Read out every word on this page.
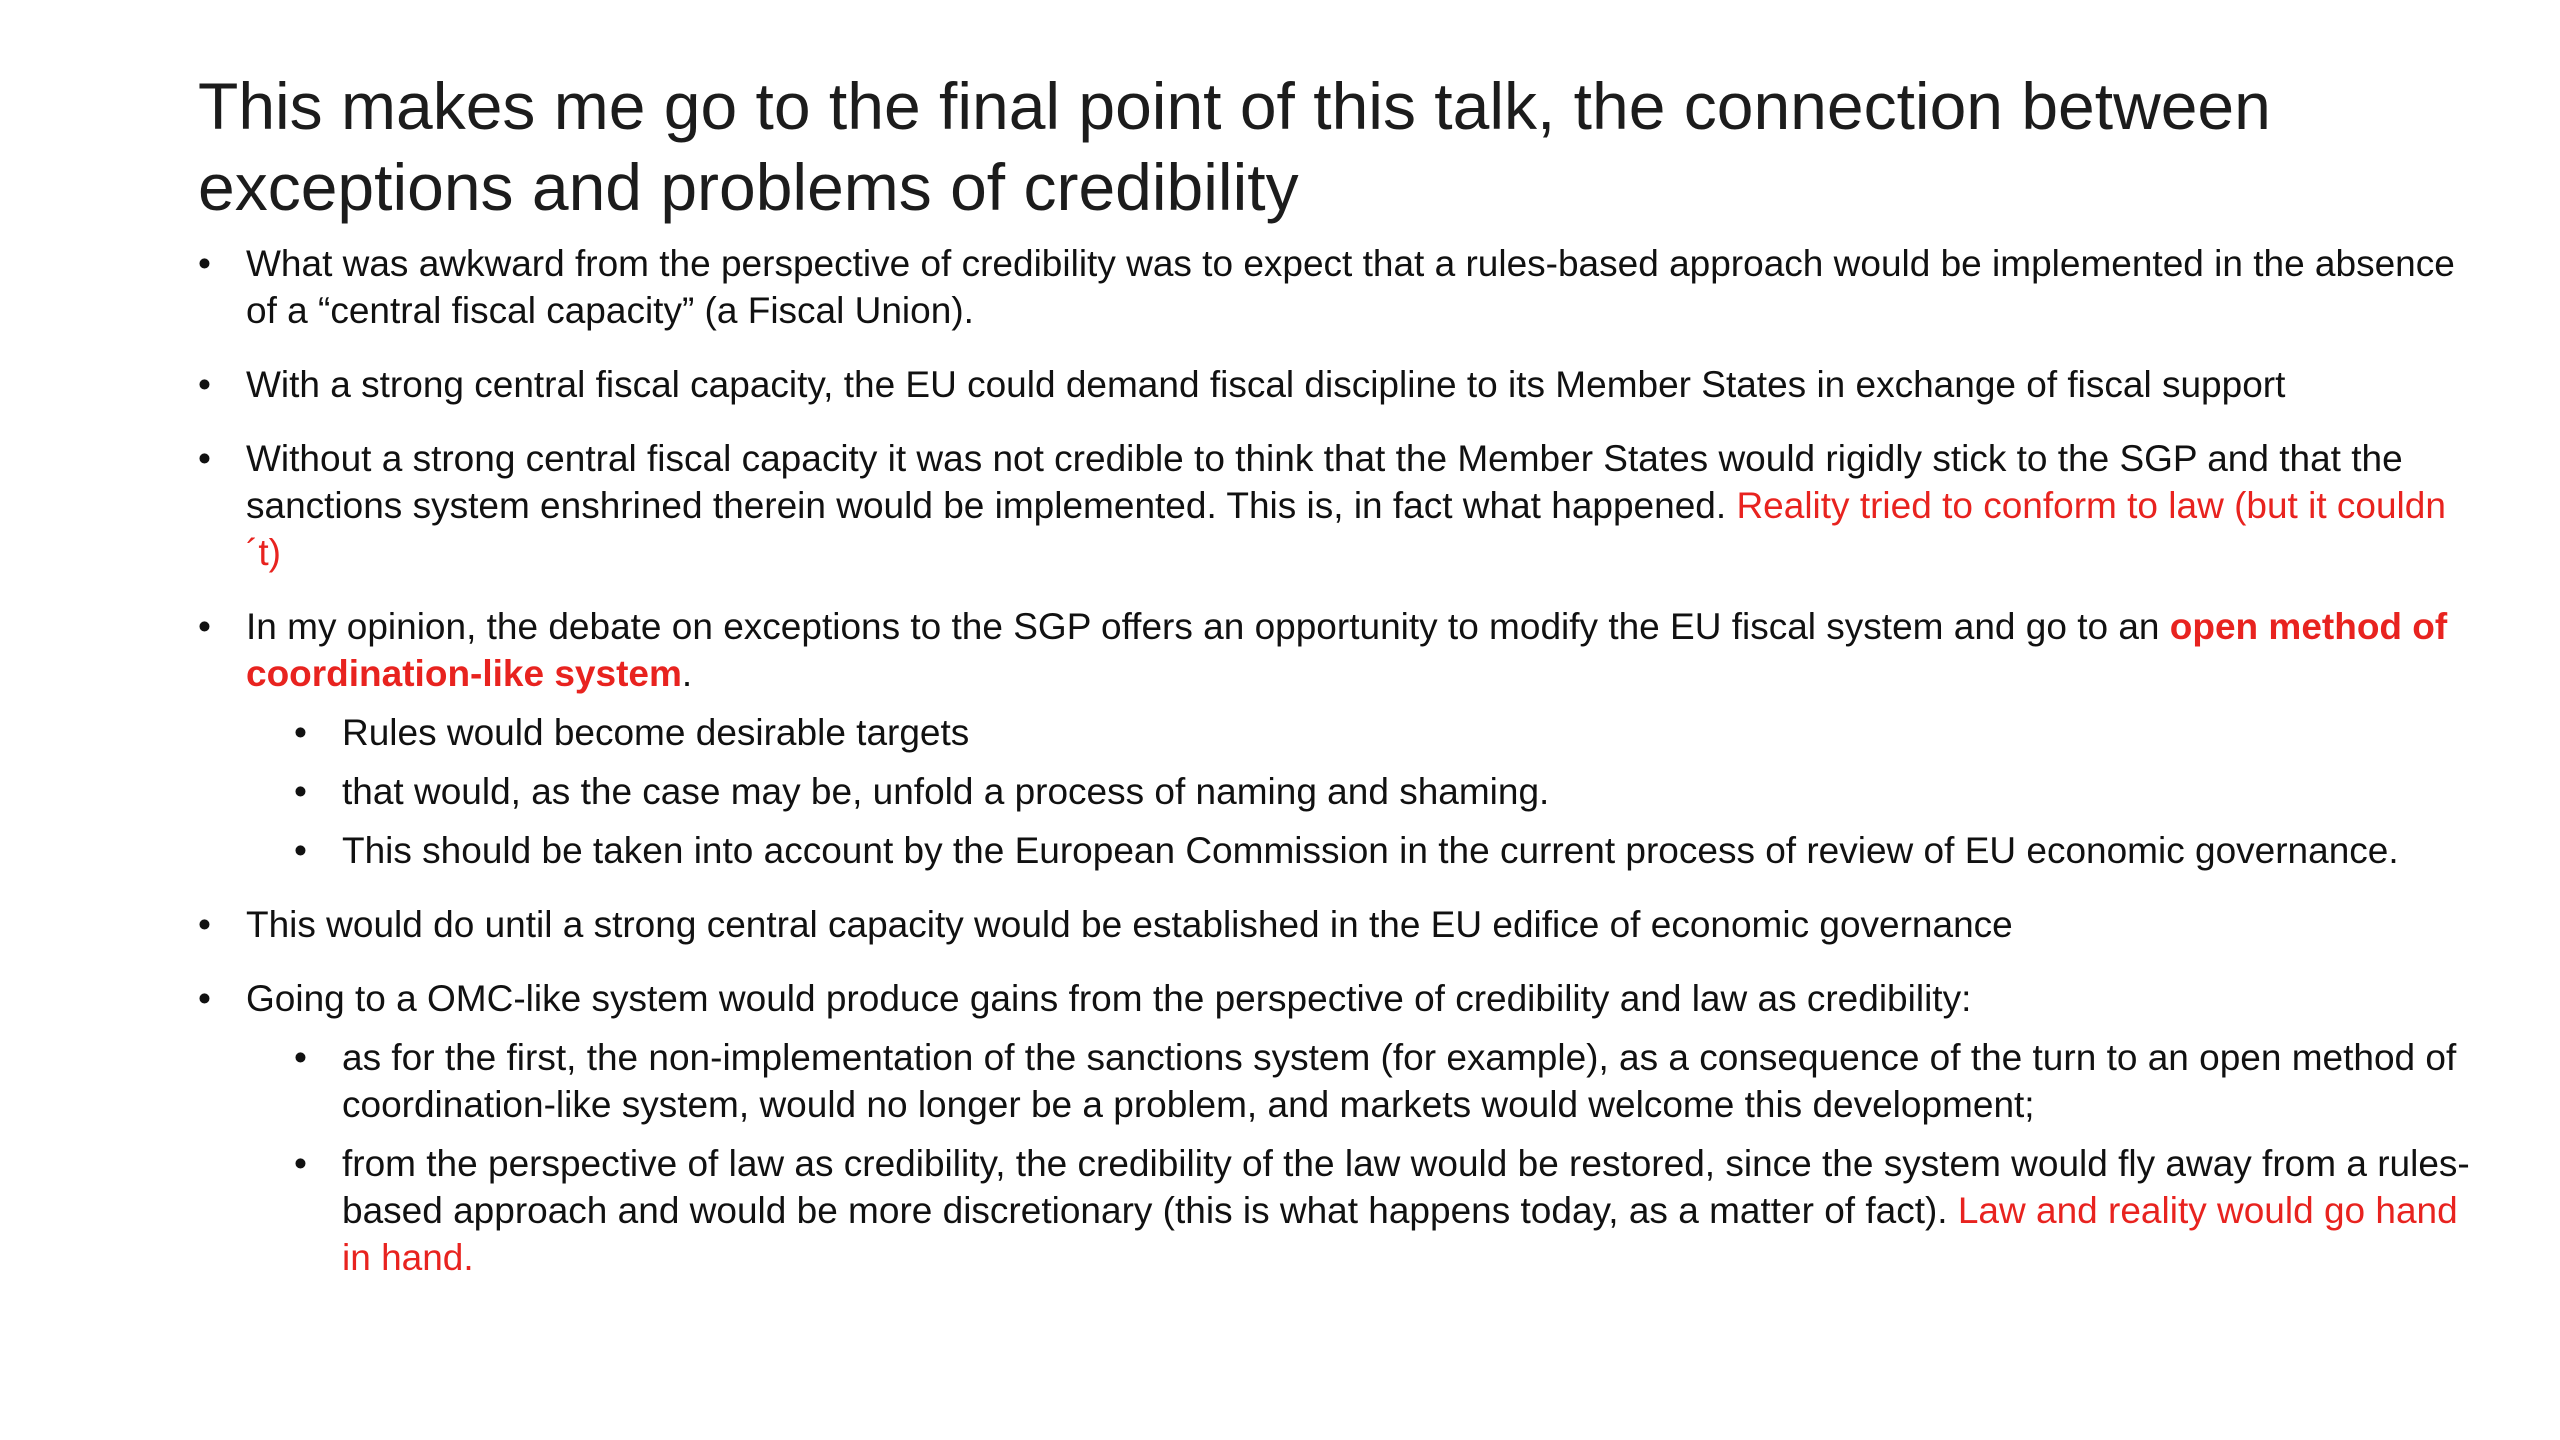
This makes me go to the final point of this talk, the connection between exceptions and problems of credibility
• What was awkward from the perspective of credibility was to expect that a rules-based approach would be implemented in the absence of a “central fiscal capacity” (a Fiscal Union).
• With a strong central fiscal capacity, the EU could demand fiscal discipline to its Member States in exchange of fiscal support
• Without a strong central fiscal capacity it was not credible to think that the Member States would rigidly stick to the SGP and that the sanctions system enshrined therein would be implemented. This is, in fact what happened. Reality tried to conform to law (but it couldn´t)
• In my opinion, the debate on exceptions to the SGP offers an opportunity to modify the EU fiscal system and go to an open method of coordination-like system.
• Rules would become desirable targets
• that would, as the case may be, unfold a process of naming and shaming.
• This should be taken into account by the European Commission in the current process of review of EU economic governance.
• This would do until a strong central capacity would be established in the EU edifice of economic governance
• Going to a OMC-like system would produce gains from the perspective of credibility and law as credibility:
• as for the first, the non-implementation of the sanctions system (for example), as a consequence of the turn to an open method of coordination-like system, would no longer be a problem, and markets would welcome this development;
• from the perspective of law as credibility, the credibility of the law would be restored, since the system would fly away from a rules-based approach and would be more discretionary (this is what happens today, as a matter of fact). Law and reality would go hand in hand.
